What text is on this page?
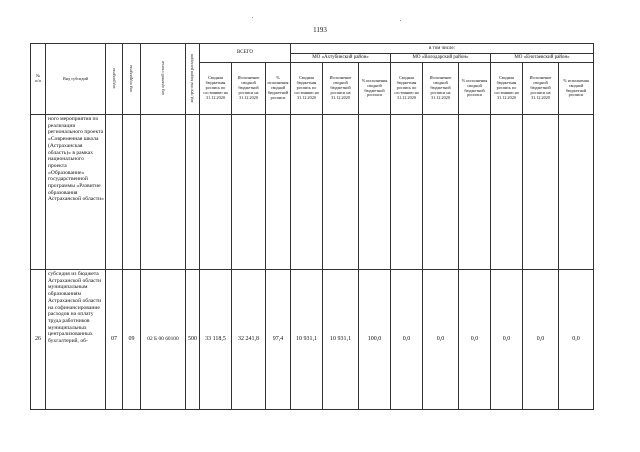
1193
№
п/п	Вид субсидий	код раздела	код подраздела	код целевой статьи	код группы видов расходов	ВСЕГО			в том числе:								
									МО «Ахтубинский район»			МО «Володарский район»			МО «Енотаевский район»		
						Сводная бюджетная роспись по состоянию на 31.12.2020	Исполнение сводной бюджетной росписи на 31.12.2020	% исполнения сводной бюджетной росписи	Сводная бюджетная роспись по состоянию на 31.12.2020	Исполнение сводной бюджетной росписи на 31.12.2020	% исполнения сводной бюджетной росписи	Сводная бюджетная роспись по состоянию на 31.12.2020	Исполнение сводной бюджетной росписи на 31.12.2020	% исполнения сводной бюджетной росписи	Сводная бюджетная роспись по состоянию на 31.12.2020	Исполнение сводной бюджетной росписи на 31.12.2020	% исполнения сводной бюджетной росписи
	ного мероприятия по реализации регионального проекта «Современная школа (Астраханская область)» в рамках национального проекта «Образование» государственной программы «Развитие образования Астраханской области»																
26	субсидия из бюджета Астраханской области муниципальным образованиям Астраханской области на софинансирование расходов на оплату труда работников муниципальных централизованных бухгалтерий, об-	07	09	02 Б 00 60100	500	33 118,5	32 241,8	97,4	10 931,1	10 931,1	100,0	0,0	0,0	0,0	0,0	0,0	0,0
